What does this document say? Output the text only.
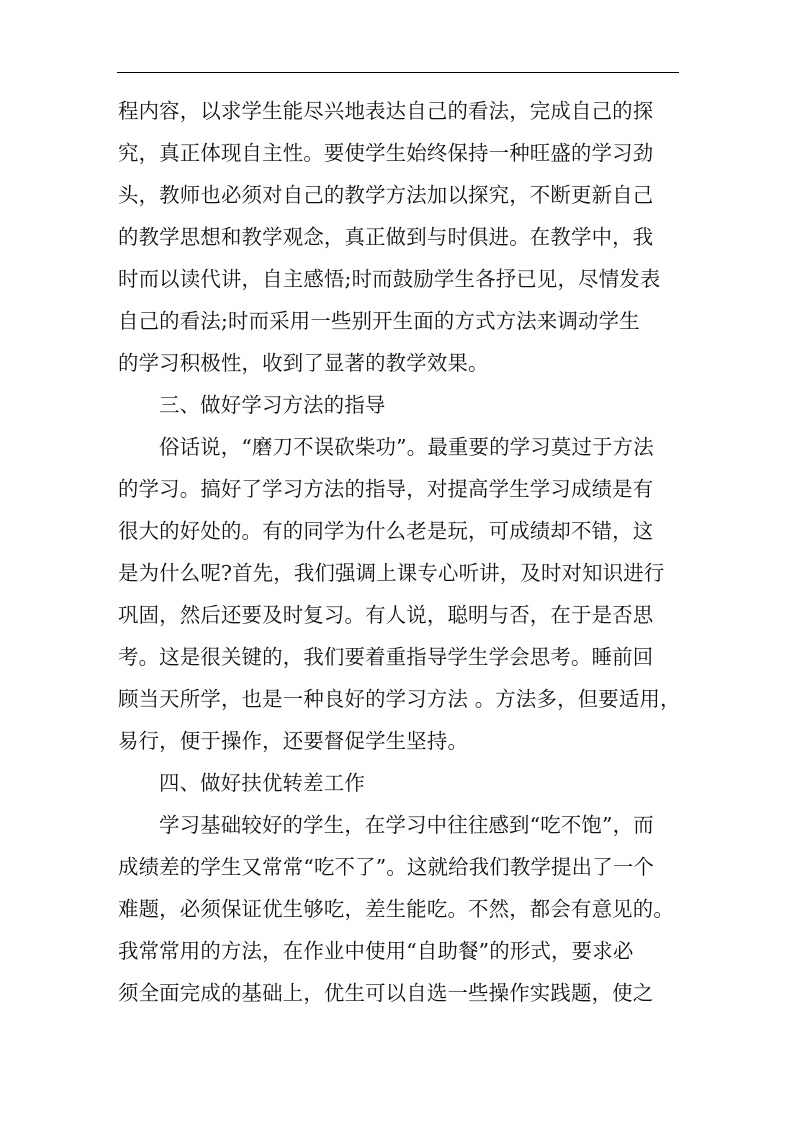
程内容，以求学生能尽兴地表达自己的看法，完成自己的探
究，真正体现自主性。要使学生始终保持一种旺盛的学习劲
头，教师也必须对自己的教学方法加以探究，不断更新自己
的教学思想和教学观念，真正做到与时俱进。在教学中，我
时而以读代讲，自主感悟;时而鼓励学生各抒已见，尽情发表
自己的看法;时而采用一些别开生面的方式方法来调动学生
的学习积极性，收到了显著的教学效果。
三、做好学习方法的指导
俗话说，“磨刀不误砍柴功”。最重要的学习莫过于方法
的学习。搞好了学习方法的指导，对提高学生学习成绩是有
很大的好处的。有的同学为什么老是玩，可成绩却不错，这
是为什么呢?首先，我们强调上课专心听讲，及时对知识进行
巩固，然后还要及时复习。有人说，聪明与否，在于是否思
考。这是很关键的，我们要着重指导学生学会思考。睡前回
顾当天所学，也是一种良好的学习方法 。方法多，但要适用，
易行，便于操作，还要督促学生坚持。
四、做好扶优转差工作
学习基础较好的学生，在学习中往往感到“吃不饱”，而
成绩差的学生又常常“吃不了”。这就给我们教学提出了一个
难题，必须保证优生够吃，差生能吃。不然，都会有意见的。
我常常用的方法，在作业中使用“自助餐”的形式，要求必
须全面完成的基础上，优生可以自选一些操作实践题，使之
